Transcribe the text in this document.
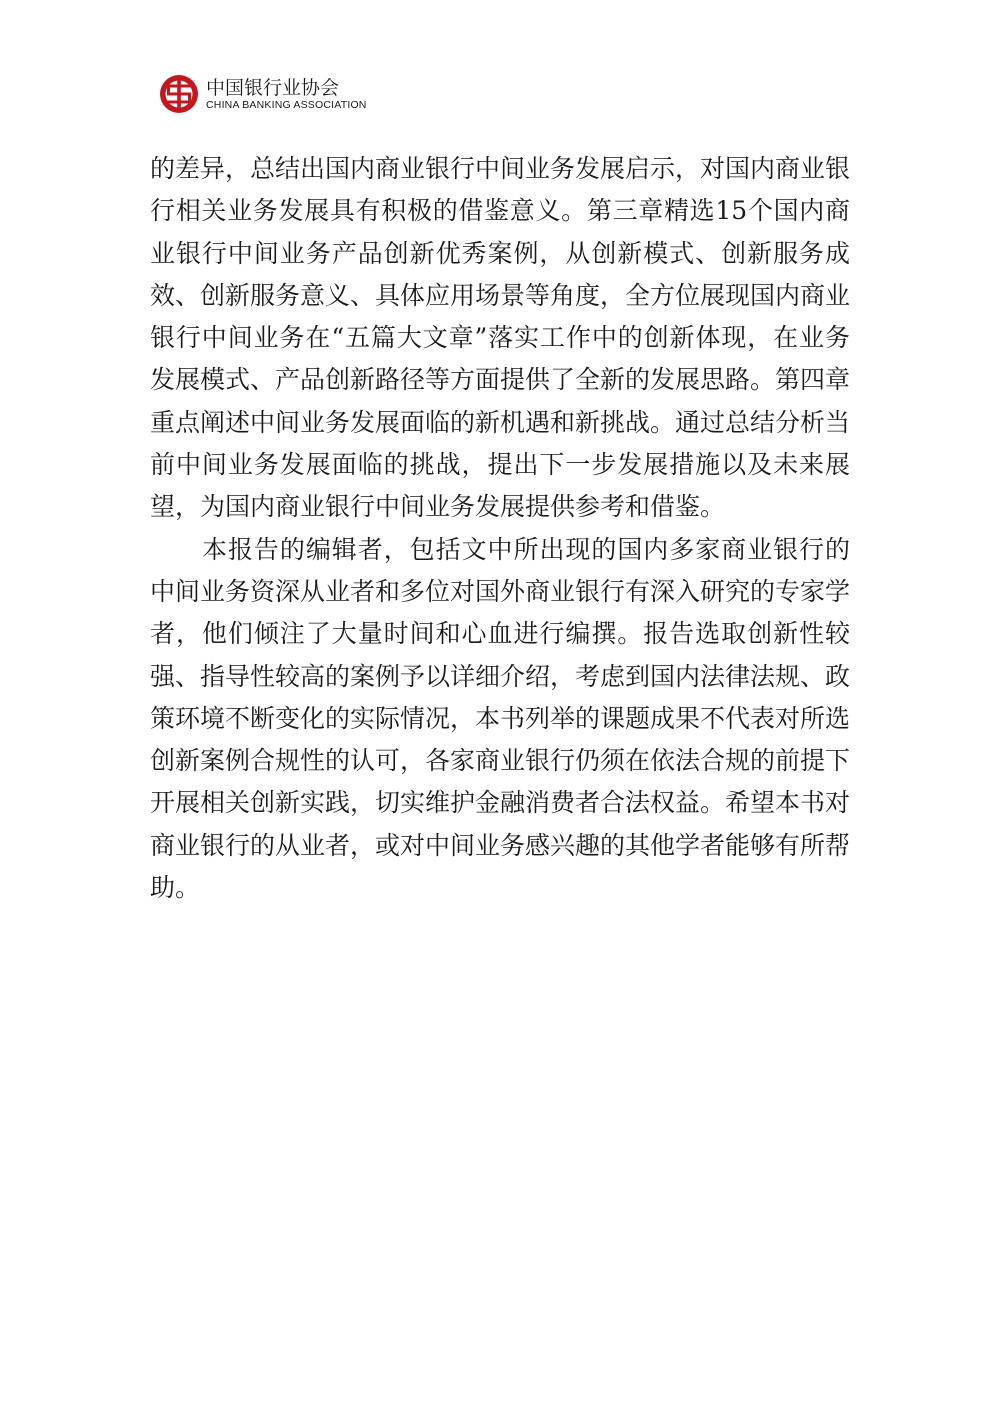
中国银行业协会
CHINA BANKING ASSOCIATION

的差异，总结出国内商业银行中间业务发展启示，对国内商业银行相关业务发展具有积极的借鉴意义。第三章精选15个国内商业银行中间业务产品创新优秀案例，从创新模式、创新服务成效、创新服务意义、具体应用场景等角度，全方位展现国内商业银行中间业务在“五篇大文章”落实工作中的创新体现，在业务发展模式、产品创新路径等方面提供了全新的发展思路。第四章重点阐述中间业务发展面临的新机遇和新挑战。通过总结分析当前中间业务发展面临的挑战，提出下一步发展措施以及未来展望，为国内商业银行中间业务发展提供参考和借鉴。

本报告的编辑者，包括文中所出现的国内多家商业银行的中间业务资深从业者和多位对国外商业银行有深入研究的专家学者，他们倾注了大量时间和心血进行编撰。报告选取创新性较强、指导性较高的案例予以详细介绍，考虑到国内法律法规、政策环境不断变化的实际情况，本书列举的课题成果不代表对所选创新案例合规性的认可，各家商业银行仍须在依法合规的前提下开展相关创新实践，切实维护金融消费者合法权益。希望本书对商业银行的从业者，或对中间业务感兴趣的其他学者能够有所帮助。
